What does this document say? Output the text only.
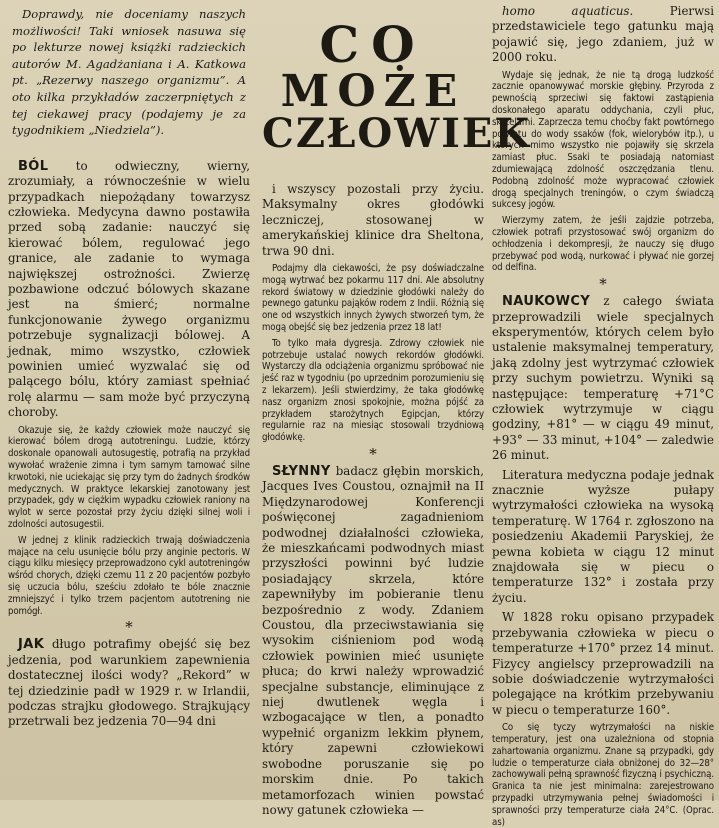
Doprawdy, nie doceniamy naszych możliwości! Taki wniosek nasuwa się po lekturze nowej książki radzieckich autorów M. Agadżaniana i A. Katkowa pt. „Rezerwy naszego organizmu”. A oto kilka przykładów zaczerpniętych z tej ciekawej pracy (podajemy je za tygodnikiem „Niedziela”).

BÓL to odwieczny, wierny, zrozumiały, a równocześnie w wielu przypadkach niepożądany towarzysz człowieka. Medycyna dawno postawiła przed sobą zadanie: nauczyć się kierować bólem, regulować jego granice, ale zadanie to wymaga największej ostrożności. Zwierzę pozbawione odczuć bólowych skazane jest na śmierć; normalne funkcjonowanie żywego organizmu potrzebuje sygnalizacji bólowej. A jednak, mimo wszystko, człowiek powinien umieć wyzwalać się od palącego bólu, który zamiast spełniać rolę alarmu — sam może być przyczyną choroby.

Okazuje się, że każdy człowiek może nauczyć się kierować bólem drogą autotreningu. Ludzie, którzy doskonale opanowali autosugestię, potrafią na przykład wywołać wrażenie zimna i tym samym tamować silne krwotoki, nie uciekając się przy tym do żadnych środków medycznych. W praktyce lekarskiej zanotowany jest przypadek, gdy w ciężkim wypadku człowiek raniony na wylot w serce pozostał przy życiu dzięki silnej woli i zdolności autosugestii.

W jednej z klinik radzieckich trwają doświadczenia mające na celu usunięcie bólu przy anginie pectoris. W ciągu kilku miesięcy przeprowadzono cykl autotreningów wśród chorych, dzięki czemu 11 z 20 pacjentów pozbyło się uczucia bólu, sześciu zdołało te bóle znacznie zmniejszyć i tylko trzem pacjentom autotrening nie pomógł.

*

JAK długo potrafimy obejść się bez jedzenia, pod warunkiem zapewnienia dostatecznej ilości wody? „Rekord” w tej dziedzinie padł w 1929 r. w Irlandii, podczas strajku głodowego. Strajkujący przetrwali bez jedzenia 70—94 dni

CO
MOŻE
CZŁOWIEK

i wszyscy pozostali przy życiu. Maksymalny okres głodówki leczniczej, stosowanej w amerykańskiej klinice dra Sheltona, trwa 90 dni.

Podajmy dla ciekawości, że psy doświadczalne mogą wytrwać bez pokarmu 117 dni. Ale absolutny rekord światowy w dziedzinie głodówki należy do pewnego gatunku pająków rodem z Indii. Różnią się one od wszystkich innych żywych stworzeń tym, że mogą obejść się bez jedzenia przez 18 lat!

To tylko mała dygresja. Zdrowy człowiek nie potrzebuje ustalać nowych rekordów głodówki. Wystarczy dla odciążenia organizmu spróbować nie jeść raz w tygodniu (po uprzednim porozumieniu się z lekarzem). Jeśli stwierdzimy, że taka głodówkę nasz organizm znosi spokojnie, można pójść za przykładem starożytnych Egipcjan, którzy regularnie raz na miesiąc stosowali trzydniową głodówkę.

*

SŁYNNY badacz głębin morskich, Jacques Ives Coustou, oznajmił na II Międzynarodowej Konferencji poświęconej zagadnieniom podwodnej działalności człowieka, że mieszkańcami podwodnych miast przyszłości powinni być ludzie posiadający skrzela, które zapewniłyby im pobieranie tlenu bezpośrednio z wody. Zdaniem Coustou, dla przeciwstawiania się wysokim ciśnieniom pod wodą człowiek powinien mieć usunięte płuca; do krwi należy wprowadzić specjalne substancje, eliminujące z niej dwutlenek węgla i wzbogacające w tlen, a ponadto wypełnić organizm lekkim płynem, który zapewni człowiekowi swobodne poruszanie się po morskim dnie. Po takich metamorfozach winien powstać nowy gatunek człowieka —

homo aquaticus.	Pierwsi przedstawiciele tego gatunku mają pojawić się, jego zdaniem, już w 2000 roku.

Wydaje się jednak, że nie tą drogą ludzkość zacznie opanowywać morskie głębiny. Przyroda z pewnością sprzeciwi się faktowi zastąpienia doskonałego aparatu oddychania, czyli płuc, skrzelami. Zaprzecza temu choćby fakt powtórnego powrotu do wody ssaków (fok, wielorybów itp.), u których mimo wszystko nie pojawiły się skrzela zamiast płuc. Ssaki te posiadają natomiast zdumiewającą zdolność oszczędzania tlenu. Podobną zdolność może wypracować człowiek drogą specjalnych treningów, o czym świadczą sukcesy jogów.

Wierzymy zatem, że jeśli zajdzie potrzeba, człowiek potrafi przystosować swój organizm do ochłodzenia i dekompresji, że nauczy się długo przebywać pod wodą, nurkować i pływać nie gorzej od delfina.

*

NAUKOWCY z całego świata przeprowadzili wiele specjalnych eksperymentów, których celem było ustalenie maksymalnej temperatury, jaką zdolny jest wytrzymać człowiek przy suchym powietrzu. Wyniki są następujące: temperaturę +71°C człowiek wytrzymuje w ciągu godziny, +81° — w ciągu 49 minut, +93° — 33 minut, +104° — zaledwie 26 minut.

Literatura medyczna podaje jednak znacznie wyższe pułapy wytrzymałości człowieka na wysoką temperaturę. W 1764 r. zgłoszono na posiedzeniu Akademii Paryskiej, że pewna kobieta w ciągu 12 minut znajdowała się w piecu o temperaturze 132° i została przy życiu.

W 1828 roku opisano przypadek przebywania człowieka w piecu o temperaturze +170° przez 14 minut. Fizycy angielscy przeprowadzili na sobie doświadczenie wytrzymałości polegające na krótkim przebywaniu w piecu o temperaturze 160°.

Co się tyczy wytrzymałości na niskie temperatury, jest ona uzależniona od stopnia zahartowania organizmu. Znane są przypadki, gdy ludzie o temperaturze ciała obniżonej do 32—28° zachowywali pełną sprawność fizyczną i psychiczną. Granica ta nie jest minimalna: zarejestrowano przypadki utrzymywania pełnej świadomości i sprawności przy temperaturze ciała 24°C. (Oprac. as)
